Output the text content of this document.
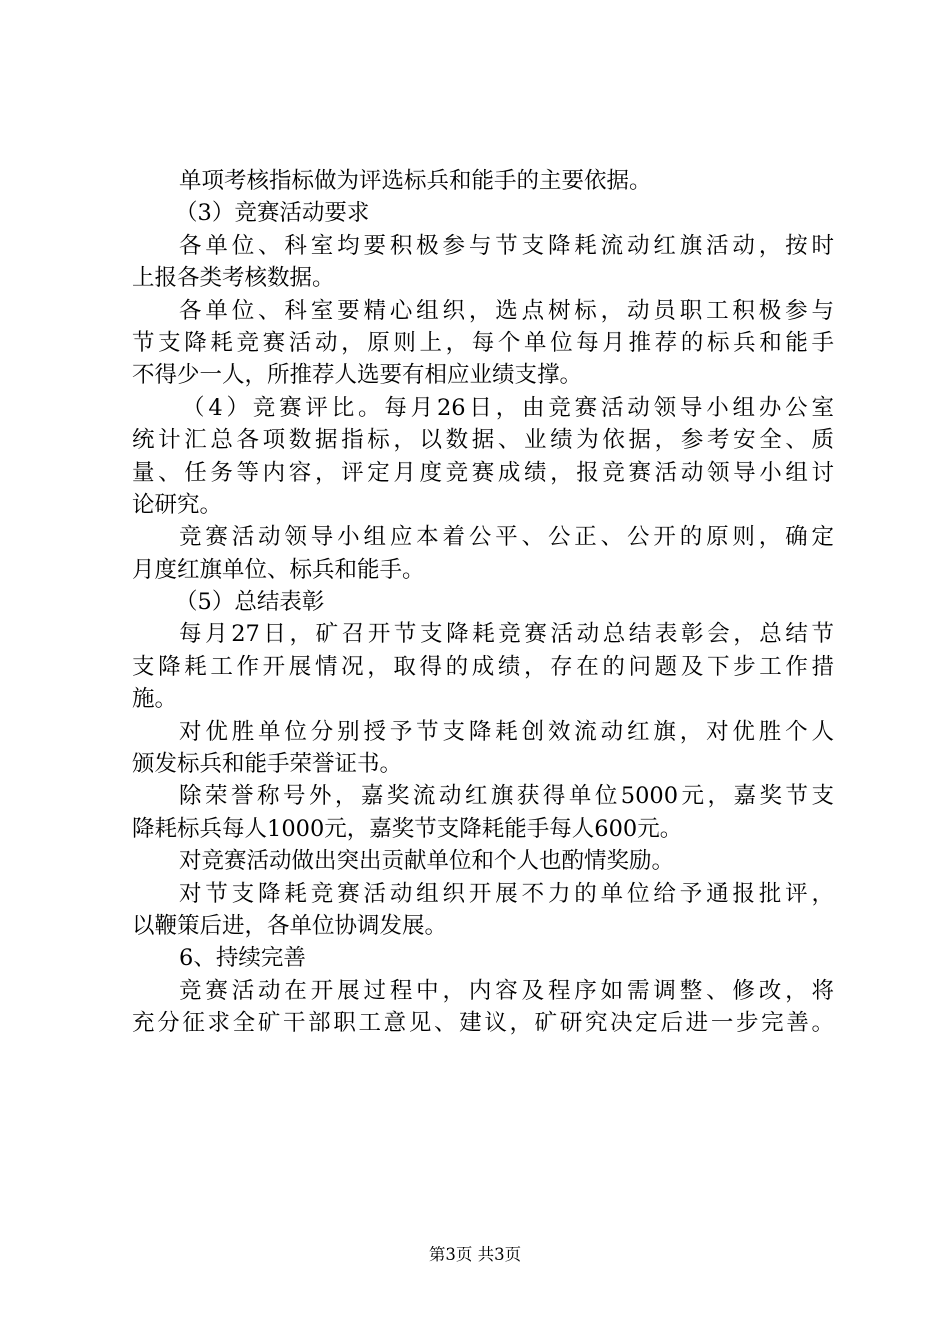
单项考核指标做为评选标兵和能手的主要依据。
（3）竞赛活动要求
各单位、科室均要积极参与节支降耗流动红旗活动，按时
上报各类考核数据。
各单位、科室要精心组织，选点树标，动员职工积极参与
节支降耗竞赛活动，原则上，每个单位每月推荐的标兵和能手
不得少一人，所推荐人选要有相应业绩支撑。
（4）竞赛评比。每月26日，由竞赛活动领导小组办公室
统计汇总各项数据指标，以数据、业绩为依据，参考安全、质
量、任务等内容，评定月度竞赛成绩，报竞赛活动领导小组讨
论研究。
竞赛活动领导小组应本着公平、公正、公开的原则，确定
月度红旗单位、标兵和能手。
（5）总结表彰
每月27日，矿召开节支降耗竞赛活动总结表彰会，总结节
支降耗工作开展情况，取得的成绩，存在的问题及下步工作措
施。
对优胜单位分别授予节支降耗创效流动红旗，对优胜个人
颁发标兵和能手荣誉证书。
除荣誉称号外，嘉奖流动红旗获得单位5000元，嘉奖节支
降耗标兵每人1000元，嘉奖节支降耗能手每人600元。
对竞赛活动做出突出贡献单位和个人也酌情奖励。
对节支降耗竞赛活动组织开展不力的单位给予通报批评，
以鞭策后进，各单位协调发展。
6、持续完善
竞赛活动在开展过程中，内容及程序如需调整、修改，将
充分征求全矿干部职工意见、建议，矿研究决定后进一步完善。
第3页 共3页
